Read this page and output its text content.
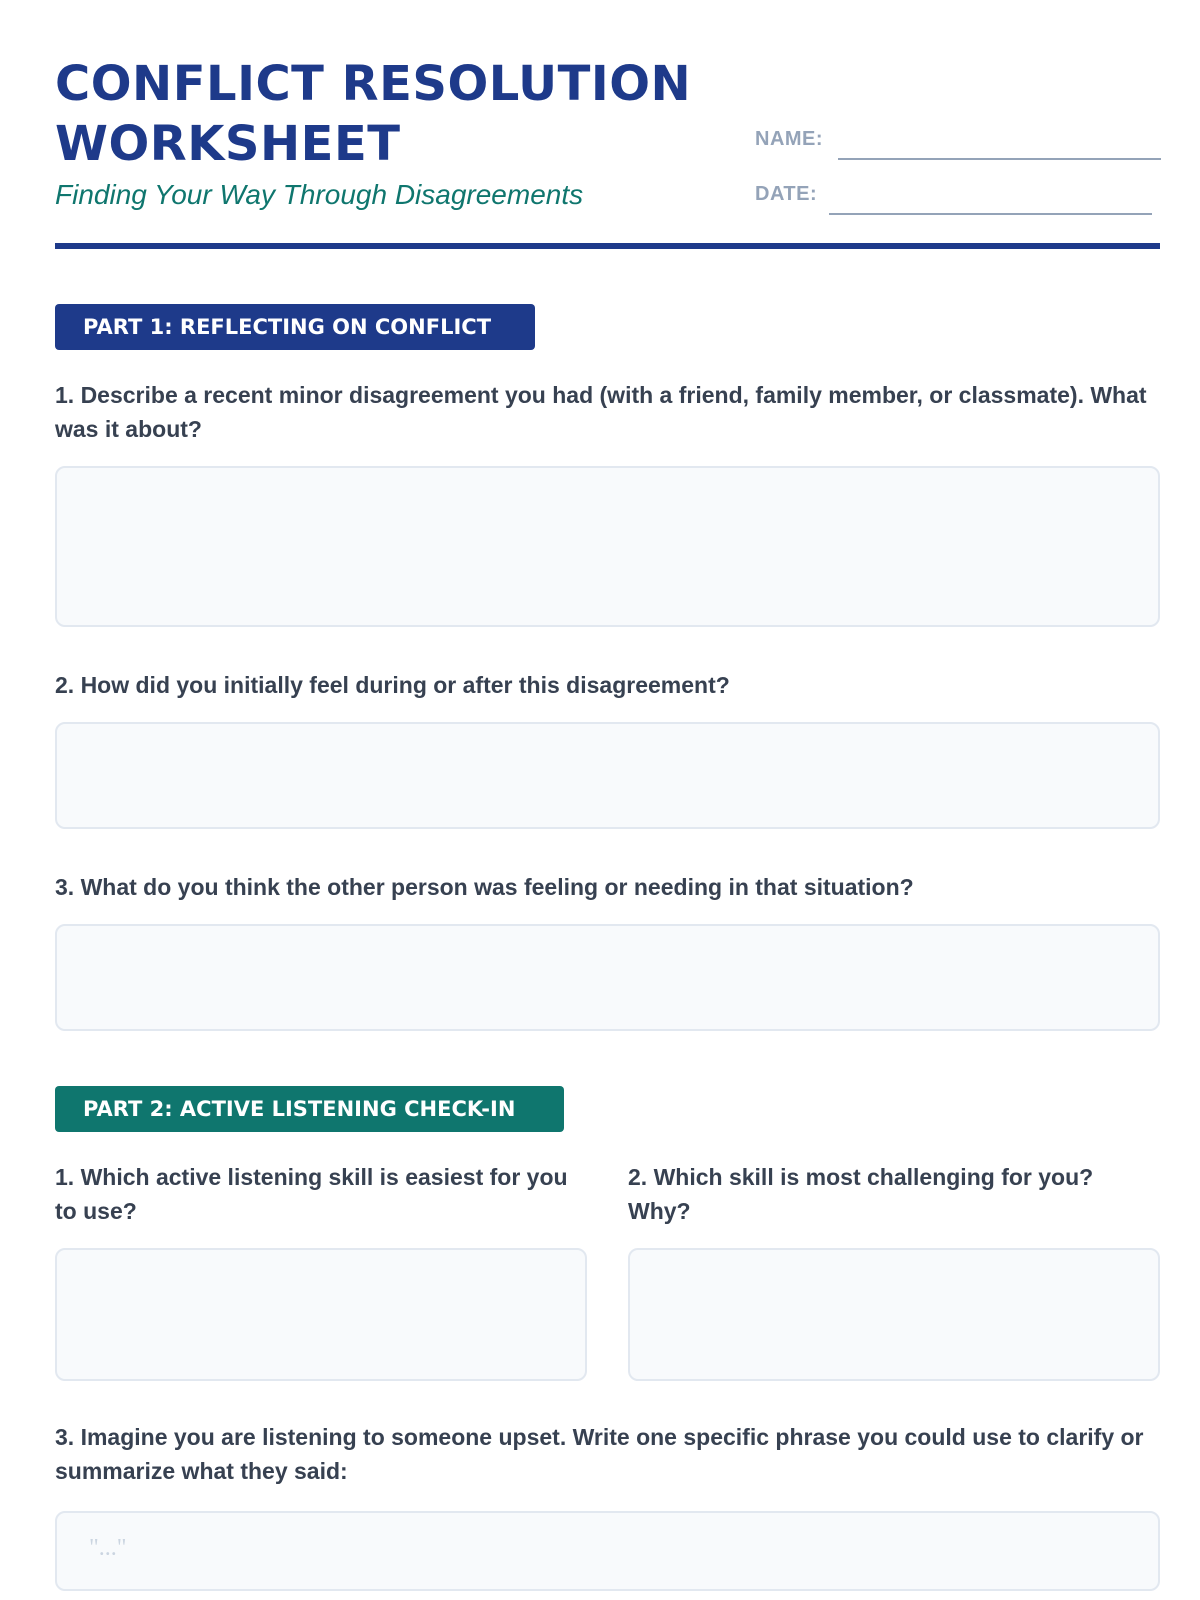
CONFLICT RESOLUTION WORKSHEET

Finding Your Way Through Disagreements

NAME:
DATE:
PART 1: REFLECTING ON CONFLICT

1. Describe a recent minor disagreement you had (with a friend, family member, or classmate). What was it about?

2. How did you initially feel during or after this disagreement?

3. What do you think the other person was feeling or needing in that situation?

PART 2: ACTIVE LISTENING CHECK-IN

1. Which active listening skill is easiest for you to use?

2. Which skill is most challenging for you? Why?

3. Imagine you are listening to someone upset. Write one specific phrase you could use to clarify or summarize what they said:

"..."
